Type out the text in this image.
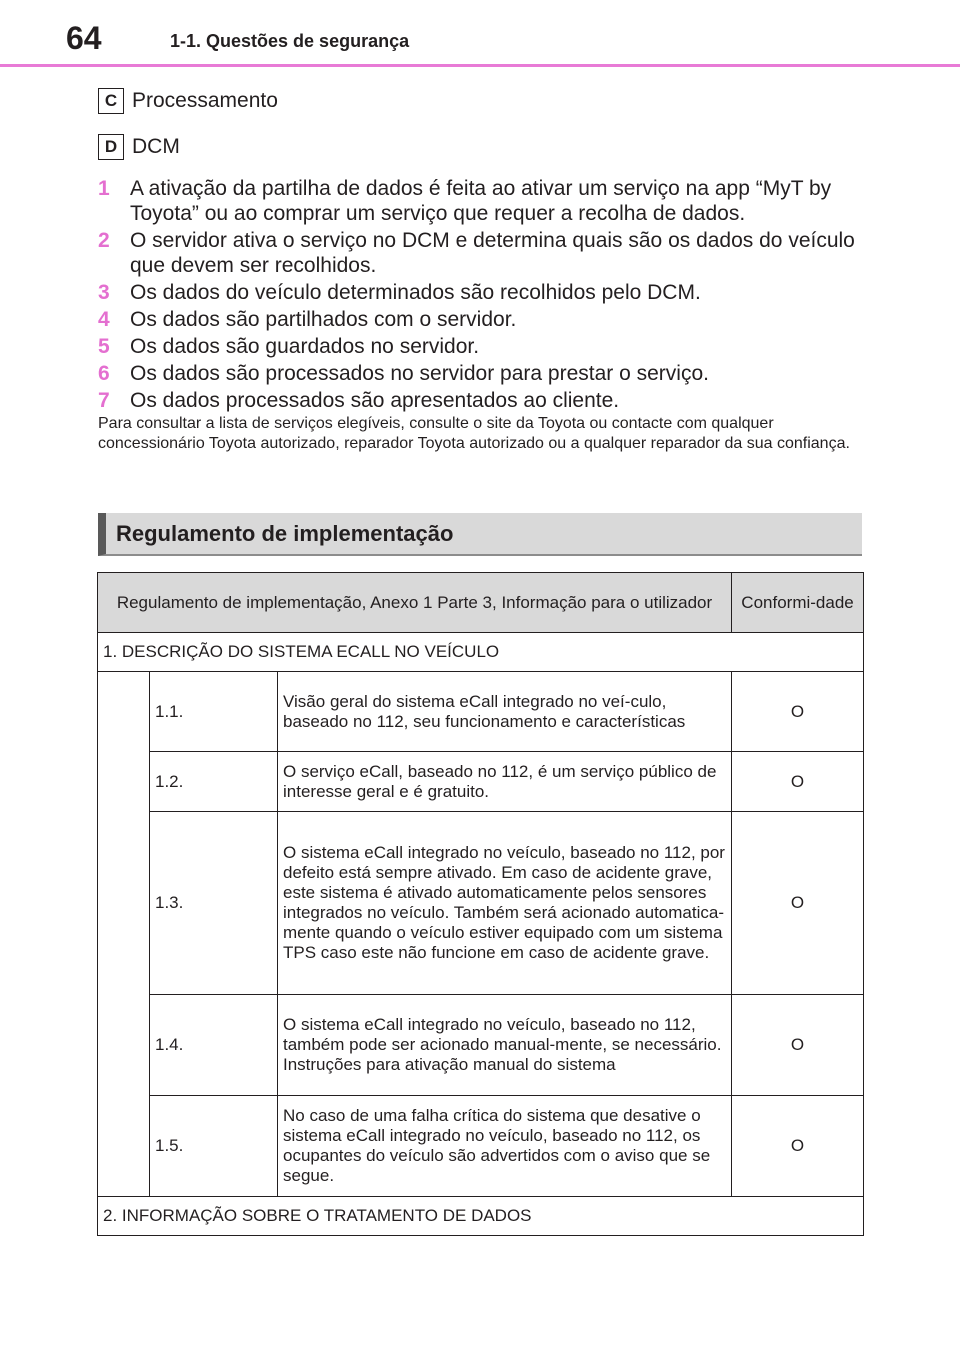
64	1-1. Questões de segurança
C Processamento
D DCM
1 A ativação da partilha de dados é feita ao ativar um serviço na app “MyT by Toyota” ou ao comprar um serviço que requer a recolha de dados.
2 O servidor ativa o serviço no DCM e determina quais são os dados do veículo que devem ser recolhidos.
3 Os dados do veículo determinados são recolhidos pelo DCM.
4 Os dados são partilhados com o servidor.
5 Os dados são guardados no servidor.
6 Os dados são processados no servidor para prestar o serviço.
7 Os dados processados são apresentados ao cliente.
Para consultar a lista de serviços elegíveis, consulte o site da Toyota ou contacte com qualquer concessionário Toyota autorizado, reparador Toyota autorizado ou a qualquer reparador da sua confiança.
Regulamento de implementação
Regulamento de implementação, Anexo 1 Parte 3, Informação para o utilizador			Conformi-dade
1. DESCRIÇÃO DO SISTEMA ECALL NO VEÍCULO			
	1.1.	Visão geral do sistema eCall integrado no veí-culo, baseado no 112, seu funcionamento e características	O
	1.2.	O serviço eCall, baseado no 112, é um serviço público de interesse geral e é gratuito.	O
	1.3.	O sistema eCall integrado no veículo, baseado no 112, por defeito está sempre ativado. Em caso de acidente grave, este sistema é ativado automaticamente pelos sensores integrados no veículo. Também será acionado automatica-mente quando o veículo estiver equipado com um sistema TPS caso este não funcione em caso de acidente grave.	O
	1.4.	O sistema eCall integrado no veículo, baseado no 112, também pode ser acionado manual-mente, se necessário. Instruções para ativação manual do sistema	O
	1.5.	No caso de uma falha crítica do sistema que desative o sistema eCall integrado no veículo, baseado no 112, os ocupantes do veículo são advertidos com o aviso que se segue.	O
2. INFORMAÇÃO SOBRE O TRATAMENTO DE DADOS			
